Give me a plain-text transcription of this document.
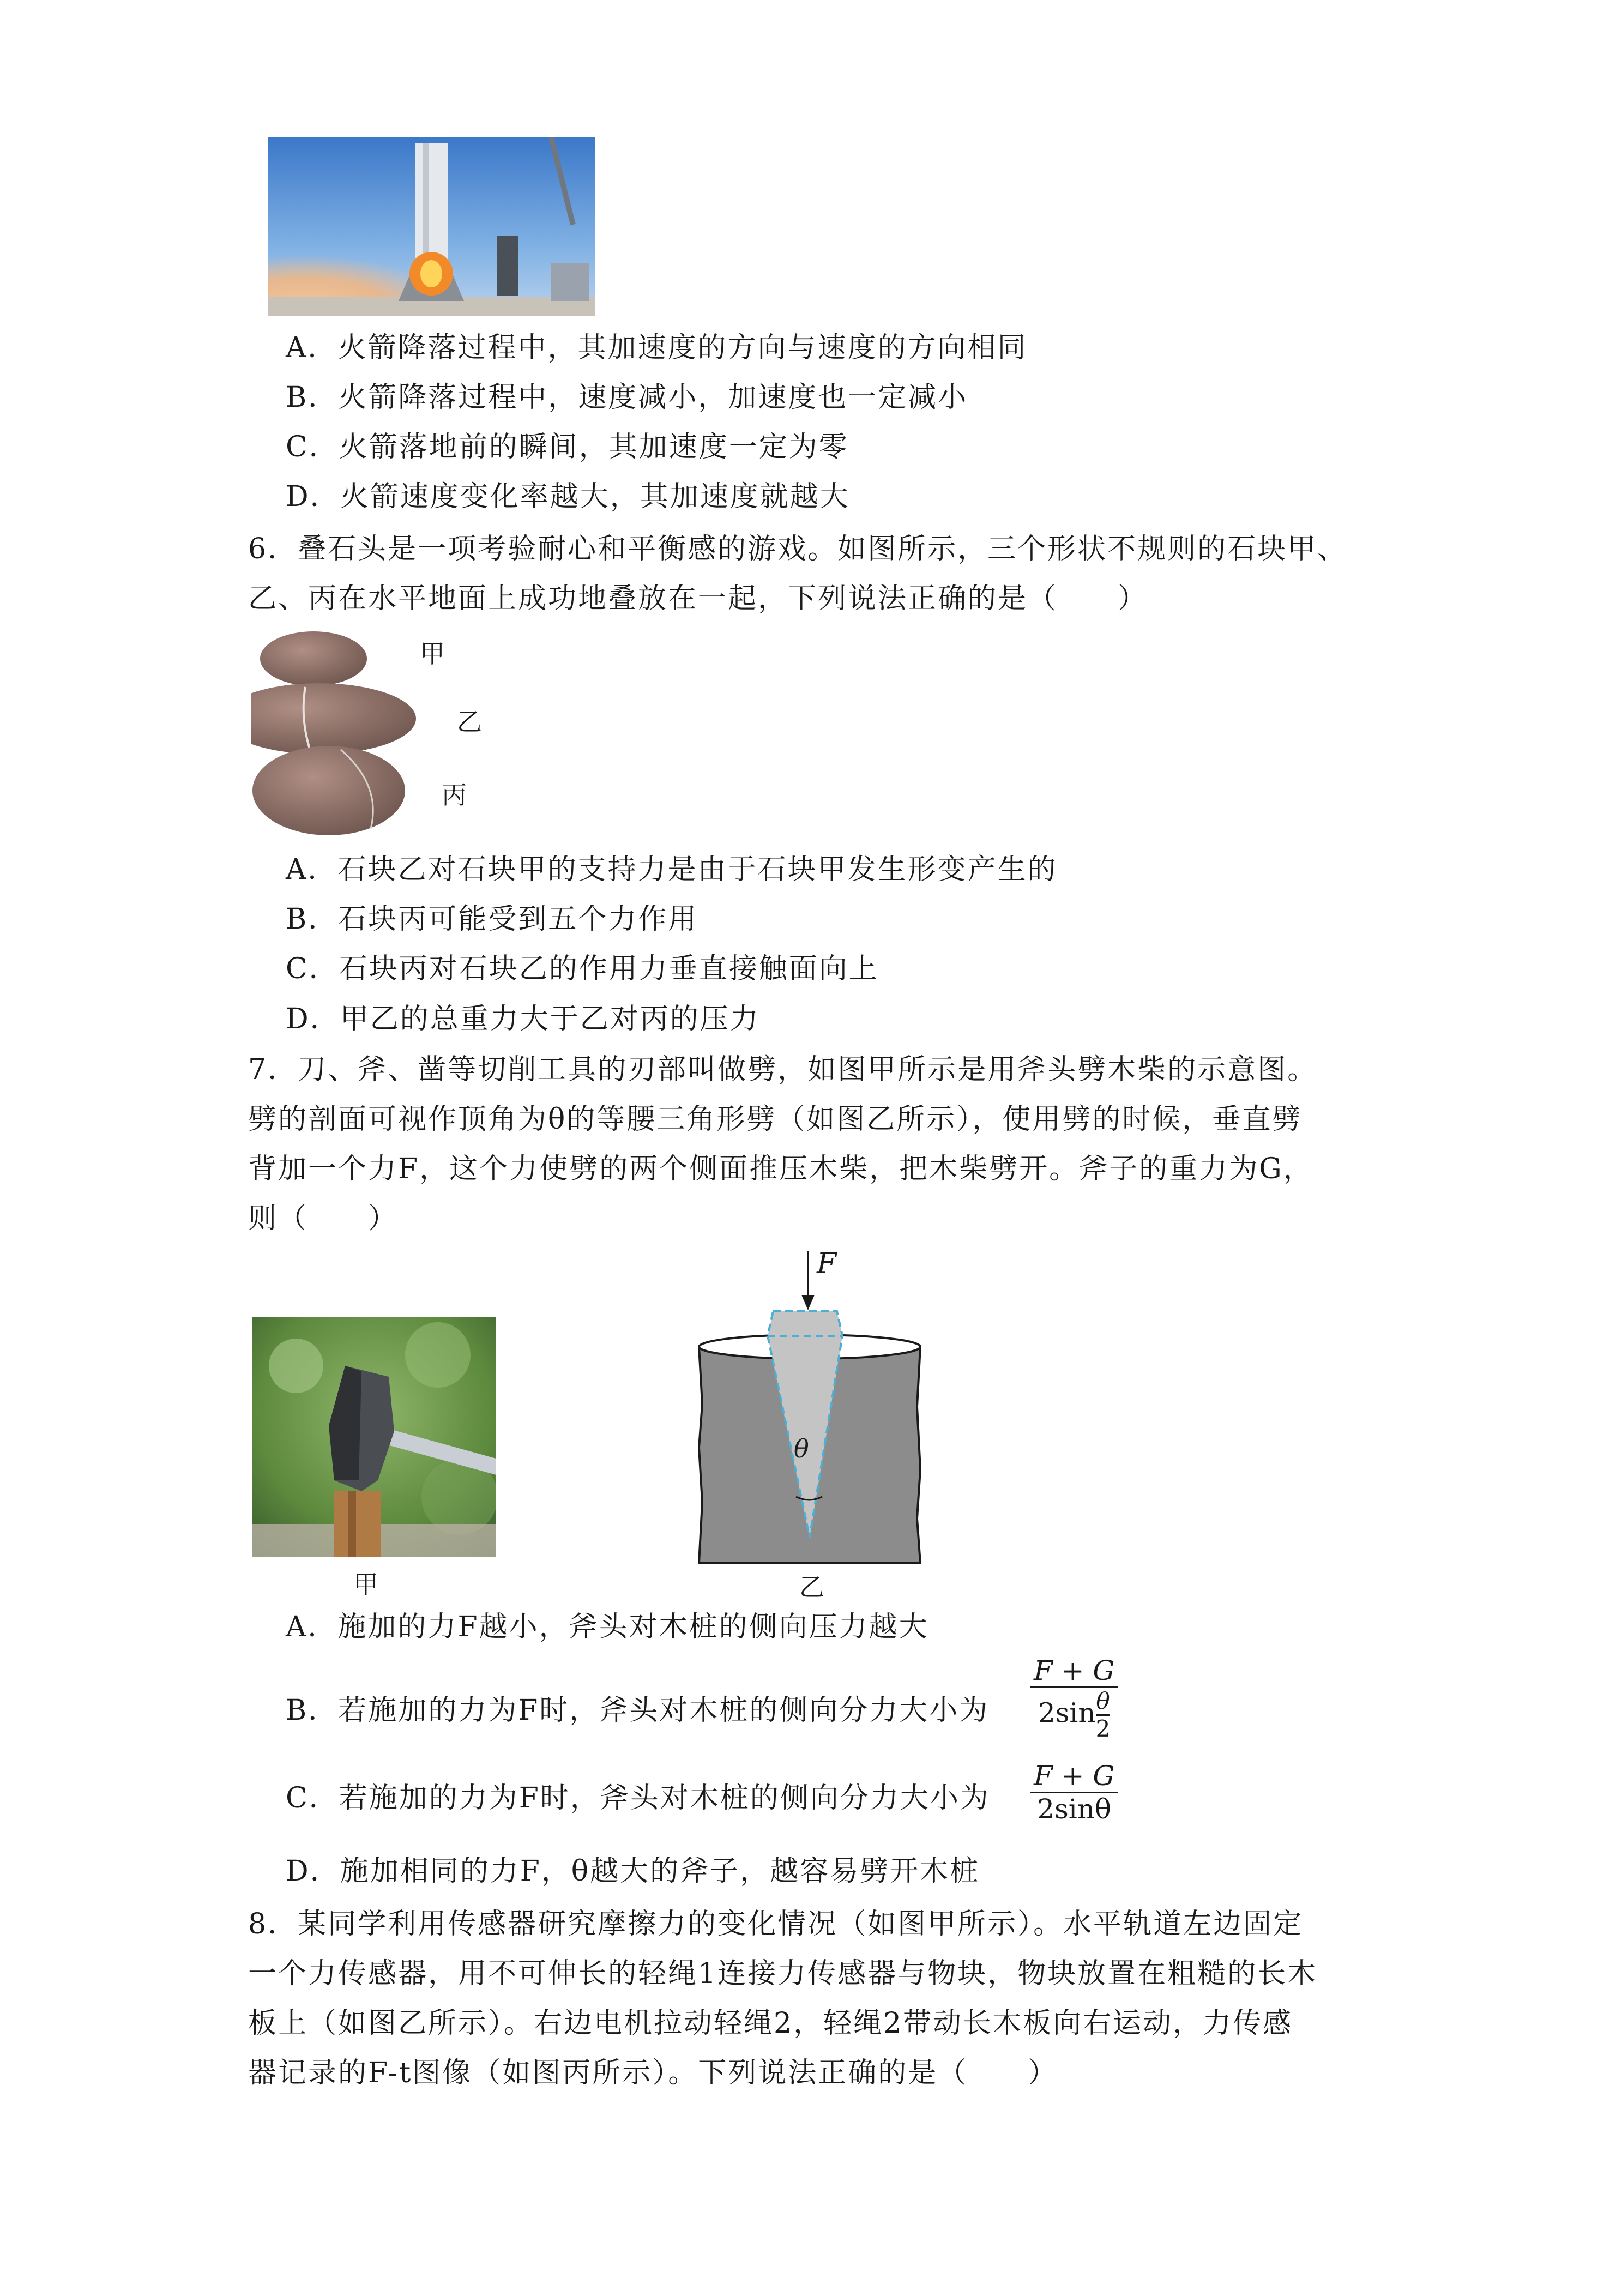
A．火箭降落过程中，其加速度的方向与速度的方向相同
B．火箭降落过程中，速度减小，加速度也一定减小
C．火箭落地前的瞬间，其加速度一定为零
D．火箭速度变化率越大，其加速度就越大
6．叠石头是一项考验耐心和平衡感的游戏。如图所示，三个形状不规则的石块甲、
乙、丙在水平地面上成功地叠放在一起，下列说法正确的是（　　）
甲
乙
丙
A．石块乙对石块甲的支持力是由于石块甲发生形变产生的
B．石块丙可能受到五个力作用
C．石块丙对石块乙的作用力垂直接触面向上
D．甲乙的总重力大于乙对丙的压力
7．刀、斧、凿等切削工具的刃部叫做劈，如图甲所示是用斧头劈木柴的示意图。
劈的剖面可视作顶角为θ的等腰三角形劈（如图乙所示），使用劈的时候，垂直劈
背加一个力F，这个力使劈的两个侧面推压木柴，把木柴劈开。斧子的重力为G，
则（　　）
甲
F
θ
乙
A．施加的力F越小，斧头对木桩的侧向压力越大
B．若施加的力为F时，斧头对木桩的侧向分力大小为 $\frac{F + G}{2\sin \frac{\theta}{2}}$
C．若施加的力为F时，斧头对木桩的侧向分力大小为 $\frac{F + G}{2\sin\theta}$
D．施加相同的力F，θ越大的斧子，越容易劈开木桩
8．某同学利用传感器研究摩擦力的变化情况（如图甲所示）。水平轨道左边固定
一个力传感器，用不可伸长的轻绳1连接力传感器与物块，物块放置在粗糙的长木
板上（如图乙所示）。右边电机拉动轻绳2，轻绳2带动长木板向右运动，力传感
器记录的F-t图像（如图丙所示）。下列说法正确的是（　　）
